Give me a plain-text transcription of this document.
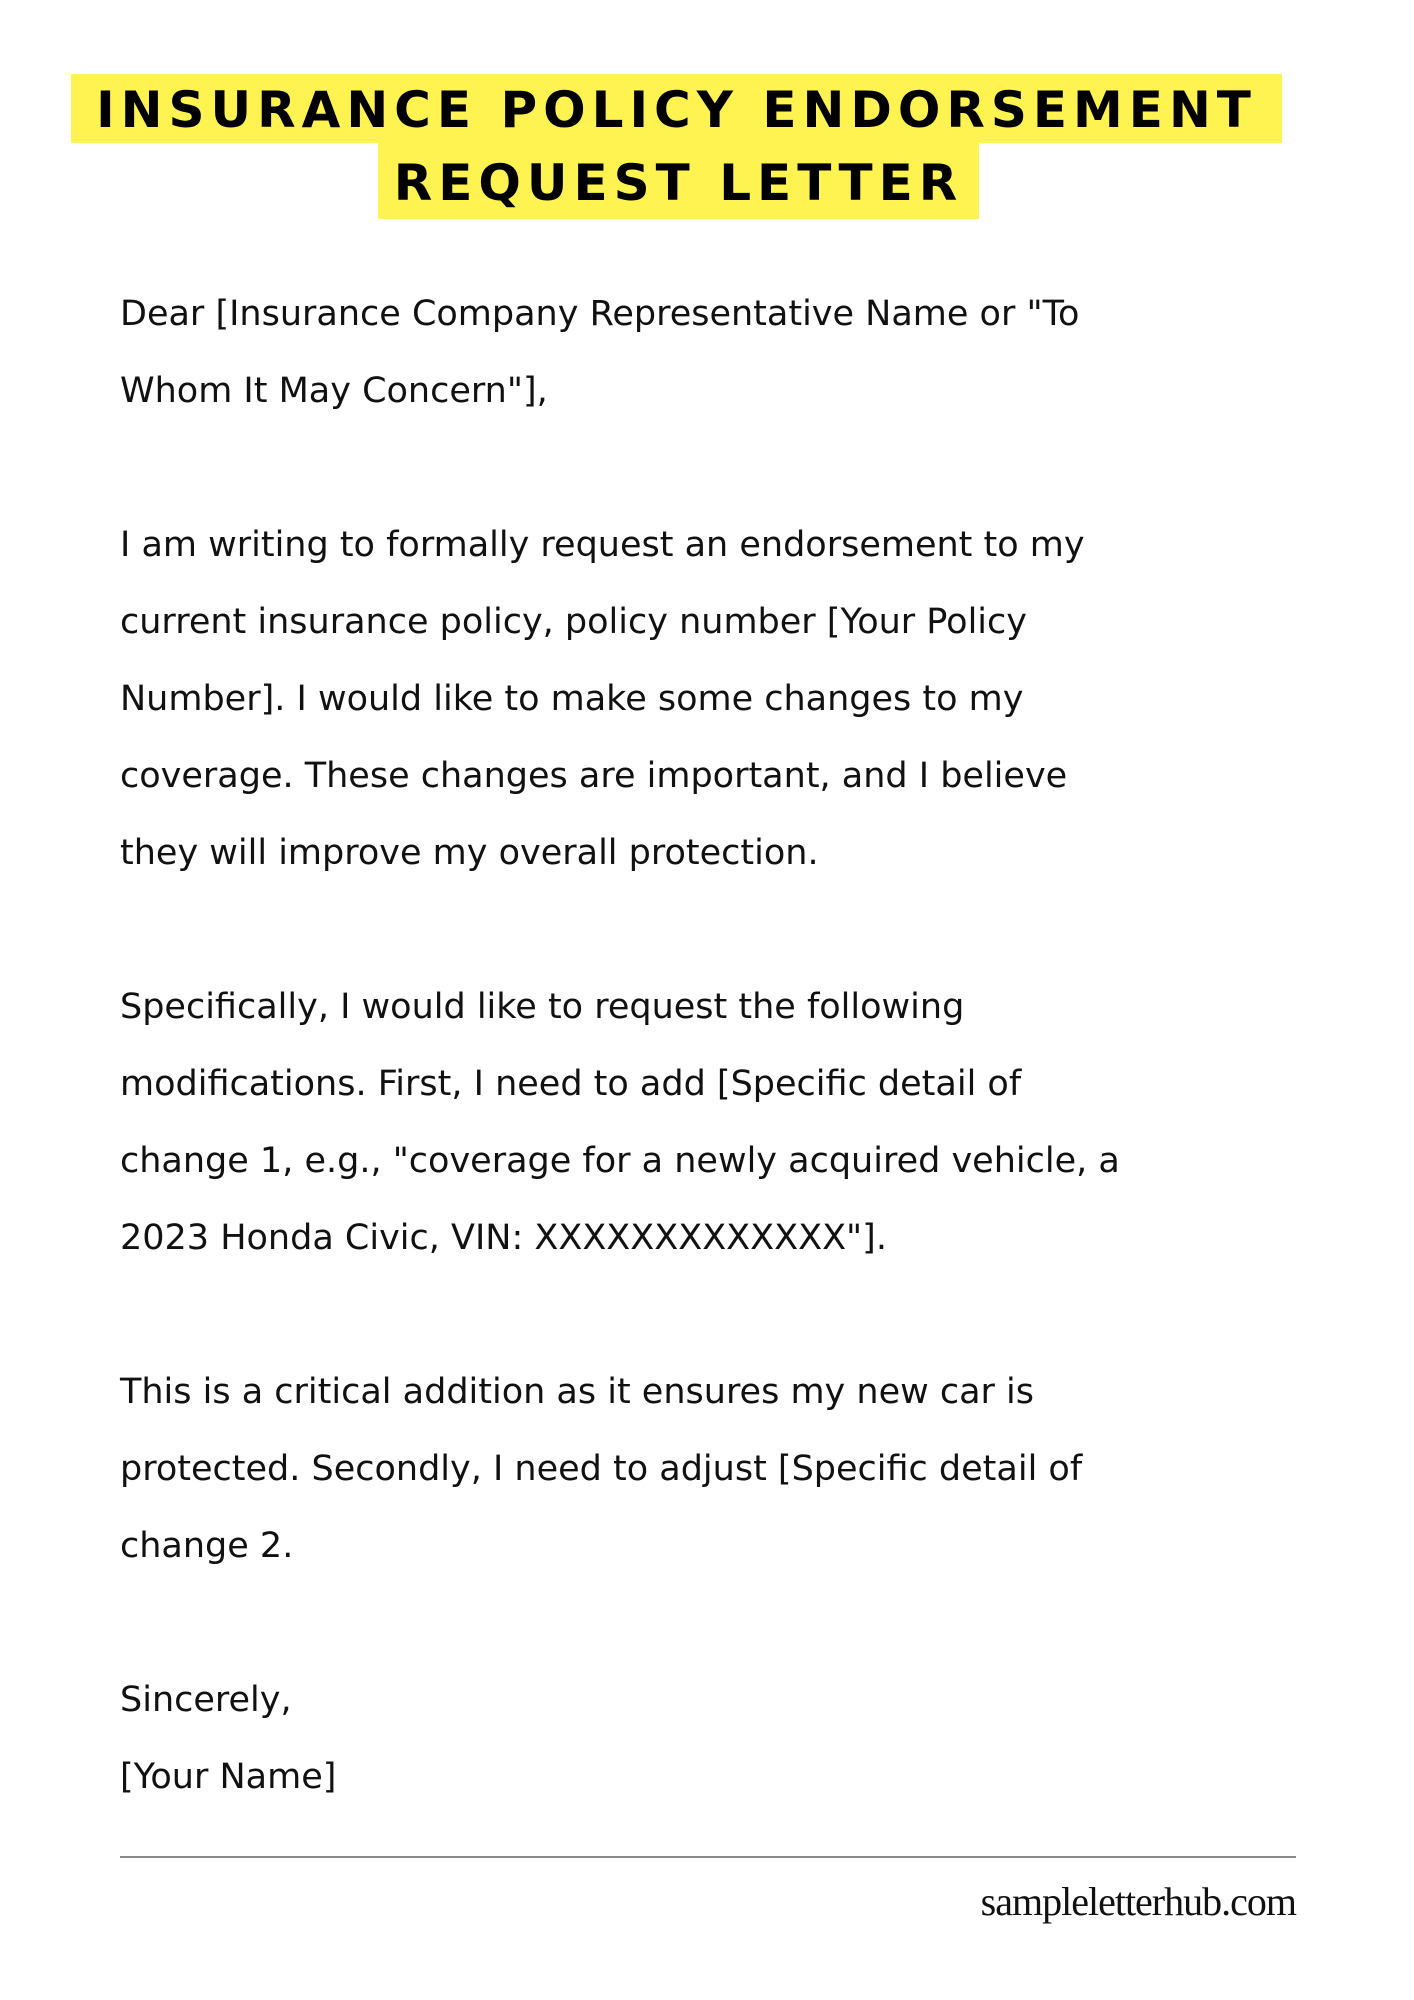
INSURANCE POLICY ENDORSEMENT
REQUEST LETTER

Dear [Insurance Company Representative Name or "To
Whom It May Concern"],

I am writing to formally request an endorsement to my
current insurance policy, policy number [Your Policy
Number]. I would like to make some changes to my
coverage. These changes are important, and I believe
they will improve my overall protection.

Specifically, I would like to request the following
modifications. First, I need to add [Specific detail of
change 1, e.g., "coverage for a newly acquired vehicle, a
2023 Honda Civic, VIN: XXXXXXXXXXXXX"].

This is a critical addition as it ensures my new car is
protected. Secondly, I need to adjust [Specific detail of
change 2.

Sincerely,
[Your Name]

sampleletterhub.com
